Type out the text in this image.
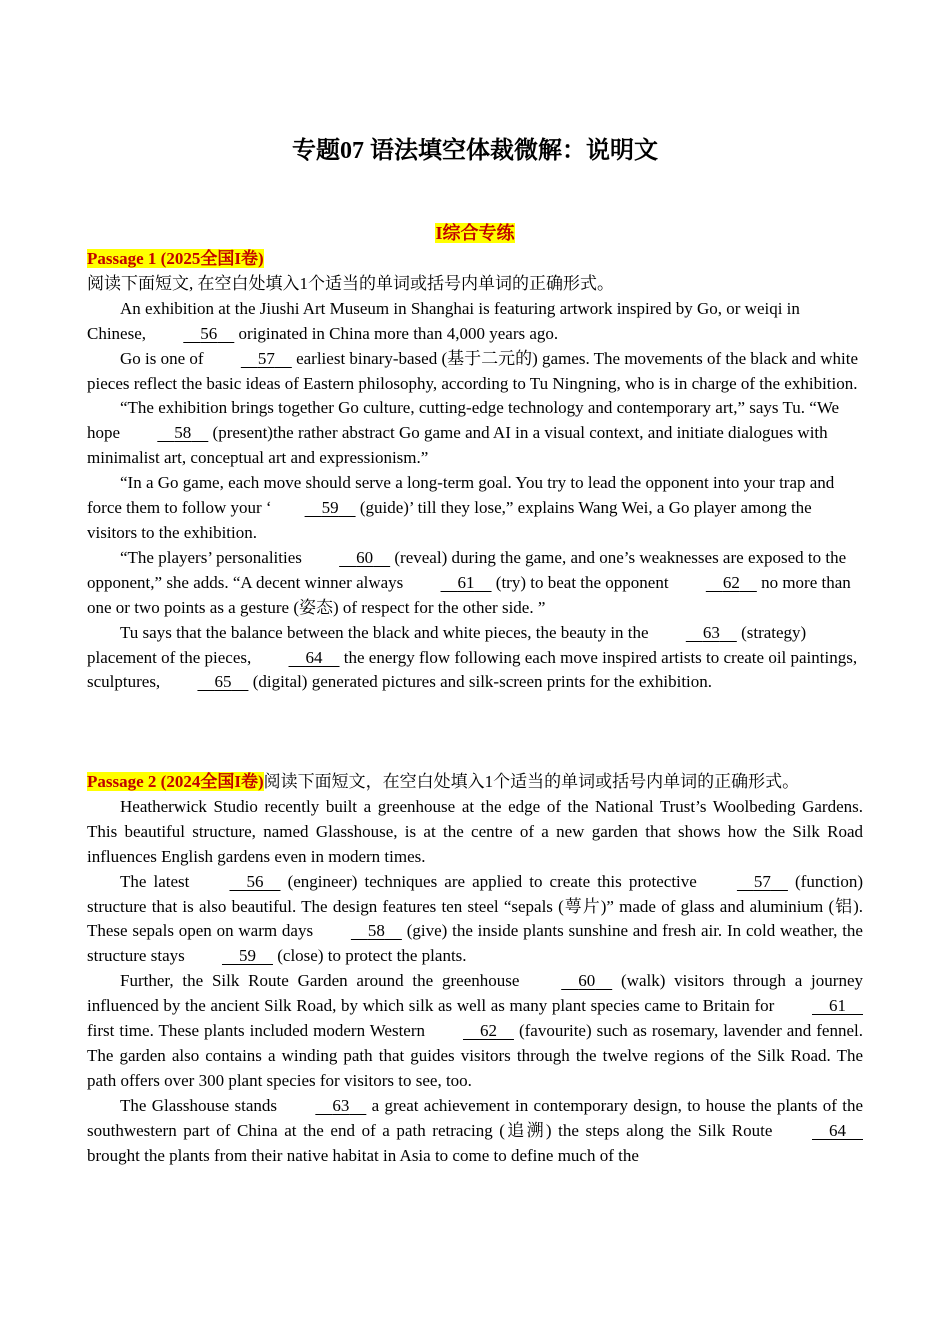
专题07 语法填空体裁微解：说明文
I综合专练

Passage 1 (2025全国I卷)

阅读下面短文, 在空白处填入1个适当的单词或括号内单词的正确形式。

An exhibition at the Jiushi Art Museum in Shanghai is featuring artwork inspired by Go, or weiqi in Chinese,	56     originated in China more than 4,000 years ago.

Go is one of	57     earliest binary-based (基于二元的) games. The movements of the black and white pieces reflect the basic ideas of Eastern philosophy, according to Tu Ningning, who is in charge of the exhibition.

“The exhibition brings together Go culture, cutting-edge technology and contemporary art,” says Tu. “We hope	58     (present)the rather abstract Go game and AI in a visual context, and initiate dialogues with minimalist art, conceptual art and expressionism.”

“In a Go game, each move should serve a long-term goal. You try to lead the opponent into your trap and force them to follow your ‘	59     (guide)’ till they lose,” explains Wang Wei, a Go player among the visitors to the exhibition.

“The players’ personalities	60     (reveal) during the game, and one’s weaknesses are exposed to the opponent,” she adds. “A decent winner always	61     (try) to beat the opponent	62     no more than one or two points as a gesture (姿态) of respect for the other side. ”

Tu says that the balance between the black and white pieces, the beauty in the	63     (strategy) placement of the pieces,	64     the energy flow following each move inspired artists to create oil paintings, sculptures,	65     (digital) generated pictures and silk-screen prints for the exhibition.

Passage 2 (2024全国I卷)阅读下面短文，在空白处填入1个适当的单词或括号内单词的正确形式。

Heatherwick Studio recently built a greenhouse at the edge of the National Trust’s Woolbeding Gardens. This beautiful structure, named Glasshouse, is at the centre of a new garden that shows how the Silk Road influences English gardens even in modern times.

The latest	56     (engineer) techniques are applied to create this protective	57     (function) structure that is also beautiful. The design features ten steel “sepals (萼片)” made of glass and aluminium (铝). These sepals open on warm days	58     (give) the inside plants sunshine and fresh air. In cold weather, the structure stays	59     (close) to protect the plants.

Further, the Silk Route Garden around the greenhouse	60     (walk) visitors through a journey influenced by the ancient Silk Road, by which silk as well as many plant species came to Britain for	61     first time. These plants included modern Western	62     (favourite) such as rosemary, lavender and fennel. The garden also contains a winding path that guides visitors through the twelve regions of the Silk Road. The path offers over 300 plant species for visitors to see, too.

The Glasshouse stands	63     a great achievement in contemporary design, to house the plants of the southwestern part of China at the end of a path retracing (追溯) the steps along the Silk Route	64     brought the plants from their native habitat in Asia to come to define much of the
